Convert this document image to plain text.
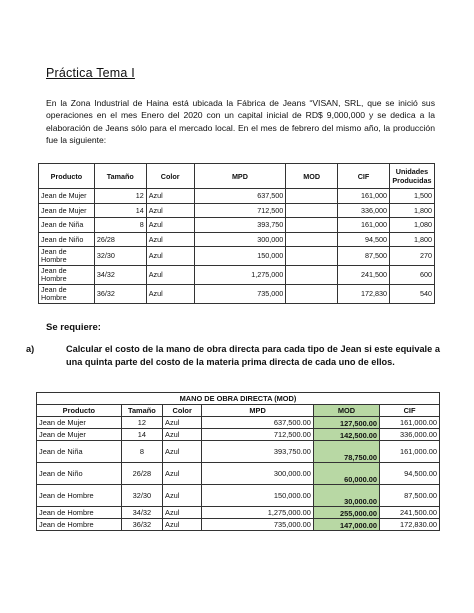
Práctica Tema I
En la Zona Industrial de Haina está ubicada la Fábrica de Jeans “VISAN, SRL, que se inició sus operaciones en el mes Enero del 2020 con un capital inicial de RD$ 9,000,000 y se dedica a la elaboración de Jeans sólo para el mercado local. En el mes de febrero del mismo año, la producción fue la siguiente:
Producto	Tamaño	Color	MPD	MOD	CIF	Unidades Producidas
Jean de Mujer	12	Azul	637,500		161,000	1,500
Jean de Mujer	14	Azul	712,500		336,000	1,800
Jean de Niña	8	Azul	393,750		161,000	1,080
Jean de Niño	26/28	Azul	300,000		94,500	1,800
Jean de Hombre	32/30	Azul	150,000		87,500	270
Jean de Hombre	34/32	Azul	1,275,000		241,500	600
Jean de Hombre	36/32	Azul	735,000		172,830	540
Se requiere:
a)	Calcular el costo de la mano de obra directa para cada tipo de Jean si este equivale a una quinta parte del costo de la materia prima directa de cada uno de ellos.
MANO DE OBRA DIRECTA (MOD)					
Producto	Tamaño	Color	MPD	MOD	CIF
Jean de Mujer	12	Azul	637,500.00	127,500.00	161,000.00
Jean de Mujer	14	Azul	712,500.00	142,500.00	336,000.00
Jean de Niña	8	Azul	393,750.00	78,750.00	161,000.00
Jean de Niño	26/28	Azul	300,000.00	60,000.00	94,500.00
Jean de Hombre	32/30	Azul	150,000.00	30,000.00	87,500.00
Jean de Hombre	34/32	Azul	1,275,000.00	255,000.00	241,500.00
Jean de Hombre	36/32	Azul	735,000.00	147,000.00	172,830.00
